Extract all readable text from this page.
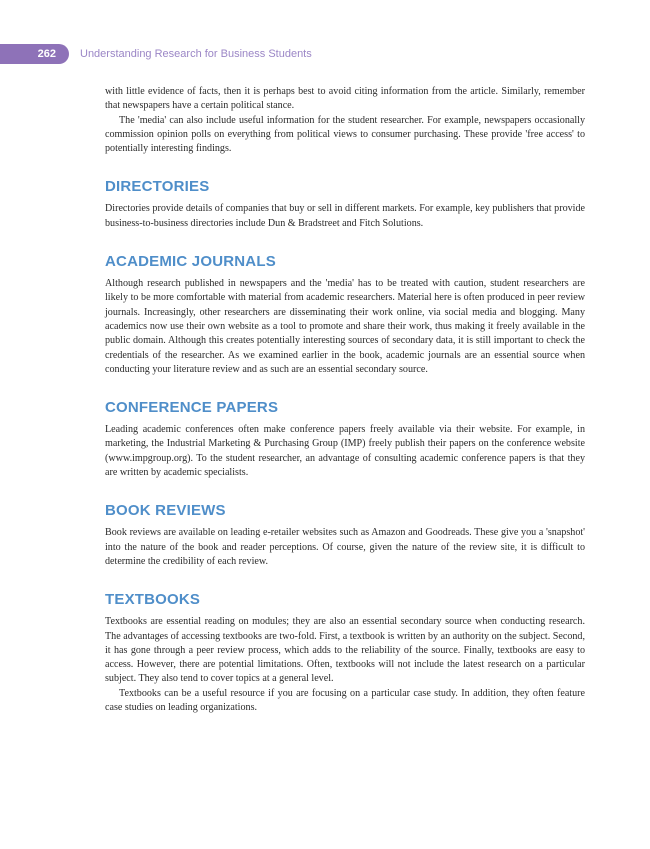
262	Understanding Research for Business Students

with little evidence of facts, then it is perhaps best to avoid citing information from the article. Similarly, remember that newspapers have a certain political stance.

The 'media' can also include useful information for the student researcher. For example, newspapers occasionally commission opinion polls on everything from political views to consumer purchasing. These provide 'free access' to potentially interesting findings.

DIRECTORIES

Directories provide details of companies that buy or sell in different markets. For example, key publishers that provide business-to-business directories include Dun & Bradstreet and Fitch Solutions.

ACADEMIC JOURNALS

Although research published in newspapers and the 'media' has to be treated with caution, student researchers are likely to be more comfortable with material from academic researchers. Material here is often produced in peer review journals. Increasingly, other researchers are disseminating their work online, via social media and blogging. Many academics now use their own website as a tool to promote and share their work, thus making it freely available in the public domain. Although this creates potentially interesting sources of secondary data, it is still important to check the credentials of the researcher. As we examined earlier in the book, academic journals are an essential source when conducting your literature review and as such are an essential secondary source.

CONFERENCE PAPERS

Leading academic conferences often make conference papers freely available via their website. For example, in marketing, the Industrial Marketing & Purchasing Group (IMP) freely publish their papers on the conference website (www.impgroup.org). To the student researcher, an advantage of consulting academic conference papers is that they are written by academic specialists.

BOOK REVIEWS

Book reviews are available on leading e-retailer websites such as Amazon and Goodreads. These give you a 'snapshot' into the nature of the book and reader perceptions. Of course, given the nature of the review site, it is difficult to determine the credibility of each review.

TEXTBOOKS

Textbooks are essential reading on modules; they are also an essential secondary source when conducting research. The advantages of accessing textbooks are two-fold. First, a textbook is written by an authority on the subject. Second, it has gone through a peer review process, which adds to the reliability of the source. Finally, textbooks are easy to access. However, there are potential limitations. Often, textbooks will not include the latest research on a particular subject. They also tend to cover topics at a general level.

Textbooks can be a useful resource if you are focusing on a particular case study. In addition, they often feature case studies on leading organizations.
